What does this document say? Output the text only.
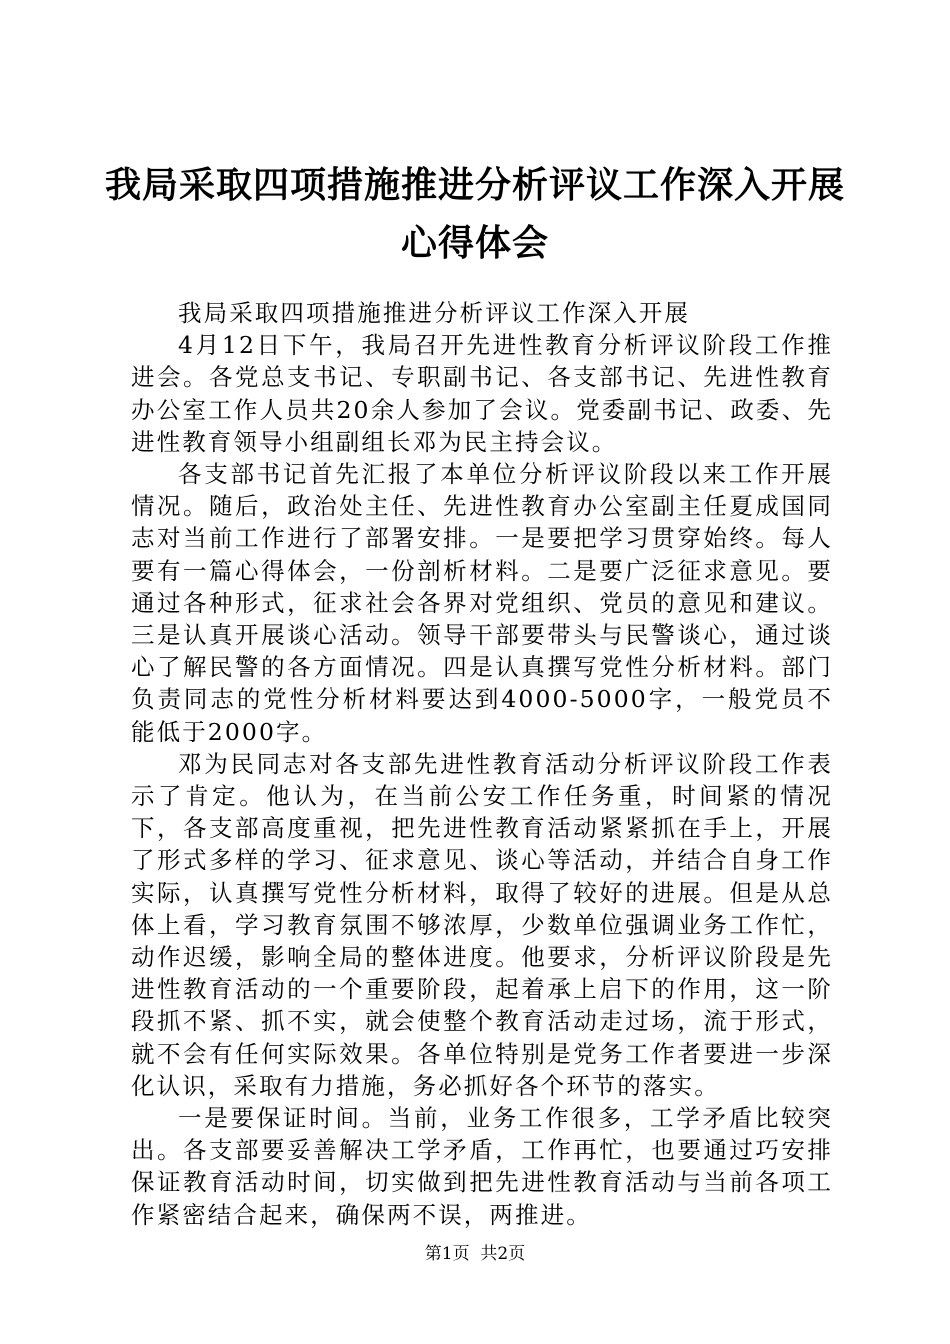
我局采取四项措施推进分析评议工作深入开展
心得体会

我局采取四项措施推进分析评议工作深入开展

4月12日下午，我局召开先进性教育分析评议阶段工作推进会。各党总支书记、专职副书记、各支部书记、先进性教育办公室工作人员共20余人参加了会议。党委副书记、政委、先进性教育领导小组副组长邓为民主持会议。

各支部书记首先汇报了本单位分析评议阶段以来工作开展情况。随后，政治处主任、先进性教育办公室副主任夏成国同志对当前工作进行了部署安排。一是要把学习贯穿始终。每人要有一篇心得体会，一份剖析材料。二是要广泛征求意见。要通过各种形式，征求社会各界对党组织、党员的意见和建议。三是认真开展谈心活动。领导干部要带头与民警谈心，通过谈心了解民警的各方面情况。四是认真撰写党性分析材料。部门负责同志的党性分析材料要达到4000-5000字，一般党员不能低于2000字。

邓为民同志对各支部先进性教育活动分析评议阶段工作表示了肯定。他认为，在当前公安工作任务重，时间紧的情况下，各支部高度重视，把先进性教育活动紧紧抓在手上，开展了形式多样的学习、征求意见、谈心等活动，并结合自身工作实际，认真撰写党性分析材料，取得了较好的进展。但是从总体上看，学习教育氛围不够浓厚，少数单位强调业务工作忙，动作迟缓，影响全局的整体进度。他要求，分析评议阶段是先进性教育活动的一个重要阶段，起着承上启下的作用，这一阶段抓不紧、抓不实，就会使整个教育活动走过场，流于形式，就不会有任何实际效果。各单位特别是党务工作者要进一步深化认识，采取有力措施，务必抓好各个环节的落实。

一是要保证时间。当前，业务工作很多，工学矛盾比较突出。各支部要妥善解决工学矛盾，工作再忙，也要通过巧安排保证教育活动时间，切实做到把先进性教育活动与当前各项工作紧密结合起来，确保两不误，两推进。

第1页 共2页
